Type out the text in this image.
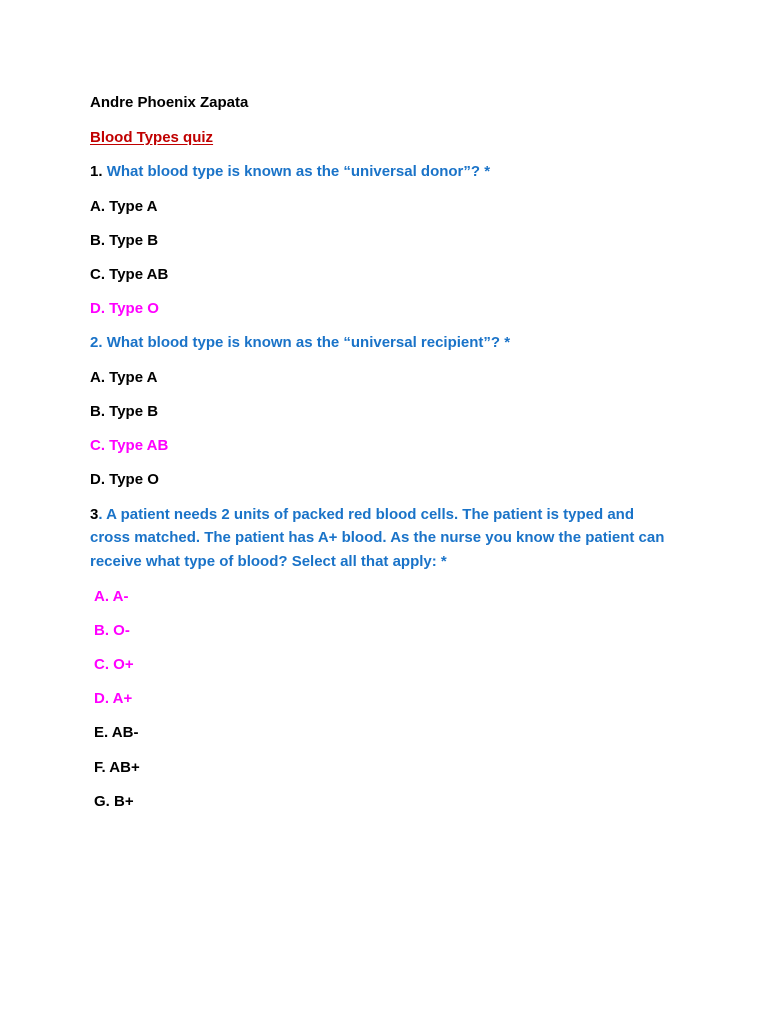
Andre Phoenix Zapata
Blood Types quiz
1. What blood type is known as the “universal donor”? *
A. Type A
B. Type B
C. Type AB
D. Type O
2. What blood type is known as the “universal recipient”? *
A. Type A
B. Type B
C. Type AB
D. Type O
3. A patient needs 2 units of packed red blood cells. The patient is typed and
cross matched. The patient has A+ blood. As the nurse you know the patient can
receive what type of blood? Select all that apply: *
A. A-
B. O-
C. O+
D. A+
E. AB-
F. AB+
G. B+
